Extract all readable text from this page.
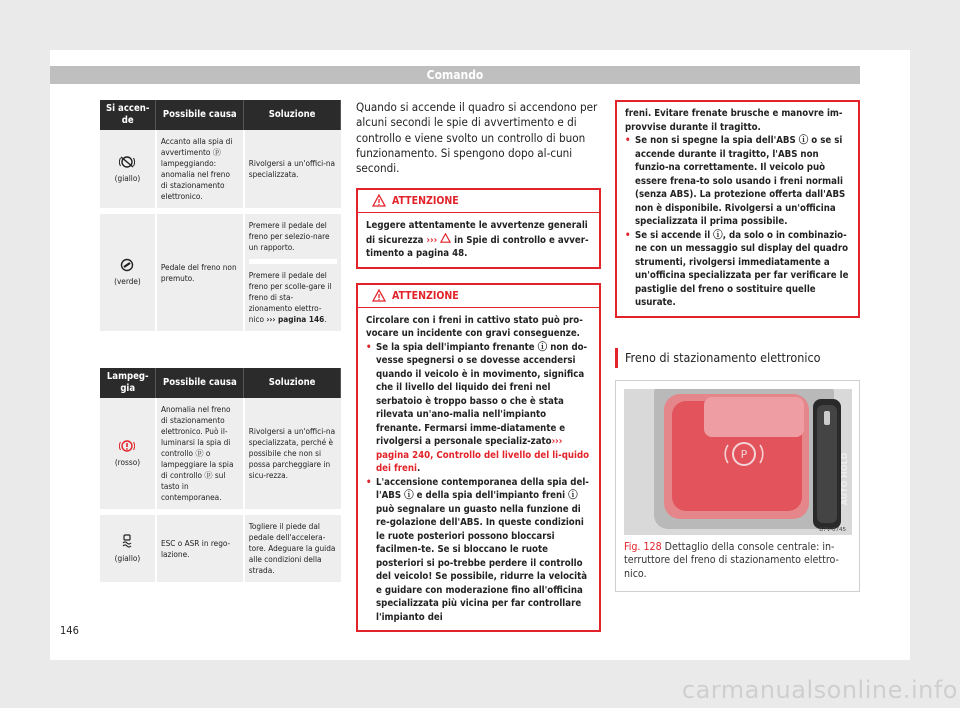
Comando
Si accen-de	Possibile causa	Soluzione

(giallo)	Accanto alla spia di avvertimento ⓟ lampeggiando: anomalia nel freno di stazionamento elettronico.	Rivolgersi a un'offici-na specializzata.

(verde)	Pedale del freno non premuto.	Premere il pedale del freno per selezio-nare un rapporto.
Premere il pedale del freno per scolle-gare il freno di sta-zionamento elettro-nico ››› pagina 146.
Lampeg-gia	Possibile causa	Soluzione

(rosso)	Anomalia nel freno di stazionamento elettronico. Può il-luminarsi la spia di controllo ⓟ o lampeggiare la spia di controllo ⓟ sul tasto in contemporanea.	Rivolgersi a un'offici-na specializzata, perché è possibile che non si possa parcheggiare in sicu-rezza.

(giallo)	ESC o ASR in rego-lazione.	Togliere il piede dal pedale dell'accelera-tore. Adeguare la guida alle condizioni della strada.

Quando si accende il quadro si accendono per alcuni secondi le spie di avvertimento e di controllo e viene svolto un controllo di buon funzionamento. Si spengono dopo al-cuni secondi.

ATTENZIONE
Leggere attentamente le avvertenze generali di sicurezza ›››  in Spie di controllo e avver-timento a pagina 48.
ATTENZIONE
Circolare con i freni in cattivo stato può pro-vocare un incidente con gravi conseguenze.
• Se la spia dell'impianto frenante ⓘ non do-vesse spegnersi o se dovesse accendersi quando il veicolo è in movimento, significa che il livello del liquido dei freni nel serbatoio è troppo basso o che è stata rilevata un'ano-malia nell'impianto frenante. Fermarsi imme-diatamente e rivolgersi a personale specializ-zato››› pagina 240, Controllo del livello del li-quido dei freni.
• L'accensione contemporanea della spia del-l'ABS ⓘ e della spia dell'impianto freni ⓘ può segnalare un guasto nella funzione di re-golazione dell'ABS. In queste condizioni le ruote posteriori possono bloccarsi facilmen-te. Se si bloccano le ruote posteriori si po-trebbe perdere il controllo del veicolo! Se possibile, ridurre la velocità e guidare con moderazione fino all'officina specializzata più vicina per far controllare l'impianto dei
freni. Evitare frenate brusche e manovre im-provvise durante il tragitto.
• Se non si spegne la spia dell'ABS ⓘ o se si accende durante il tragitto, l'ABS non funzio-na correttamente. Il veicolo può essere frena-to solo usando i freni normali (senza ABS). La protezione offerta dall'ABS non è disponibile. Rivolgersi a un'officina specializzata il prima possibile.
• Se si accende il ⓘ, da solo o in combinazio-ne con un messaggio sul display del quadro strumenti, rivolgersi immediatamente a un'officina specializzata per far verificare le pastiglie del freno o sostituire quelle usurate.
Freno di stazionamento elettronico
P	AUTO HOLD
B7V-0745
Fig. 128 Dettaglio della console centrale: in-terruttore del freno di stazionamento elettro-nico.
146
carmanualsonline.info
